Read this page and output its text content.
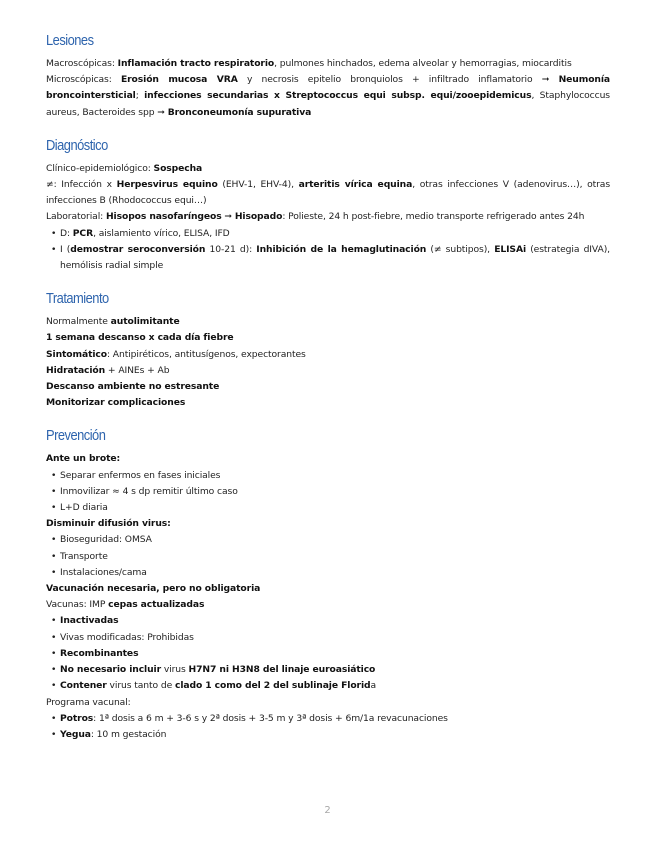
Lesiones

Macroscópicas: Inflamación tracto respiratorio, pulmones hinchados, edema alveolar y hemorragias, miocarditis

Microscópicas: Erosión mucosa VRA y necrosis epitelio bronquiolos + infiltrado inflamatorio ➞ Neumonía broncointersticial; infecciones secundarias x Streptococcus equi subsp. equi/zooepidemicus, Staphylococcus aureus, Bacteroides spp ➞ Bronconeumonía supurativa

Diagnóstico

Clínico-epidemiológico: Sospecha

≠: Infección x Herpesvirus equino (EHV-1, EHV-4), arteritis vírica equina, otras infecciones V (adenovirus…), otras infecciones B (Rhodococcus equi…)

Laboratorial: Hisopos nasofaríngeos ➞ Hisopado: Polieste, 24 h post-fiebre, medio transporte refrigerado antes 24h

• D: PCR, aislamiento vírico, ELISA, IFD
• I (demostrar seroconversión 10-21 d): Inhibición de la hemaglutinación (≠ subtipos), ELISAi (estrategia dIVA), hemólisis radial simple
Tratamiento

Normalmente autolimitante

1 semana descanso x cada día fiebre

Sintomático: Antipiréticos, antitusígenos, expectorantes

Hidratación + AINEs + Ab

Descanso ambiente no estresante

Monitorizar complicaciones

Prevención

Ante un brote:

• Separar enfermos en fases iniciales
• Inmovilizar ≈ 4 s dp remitir último caso
• L+D diaria

Disminuir difusión virus:

• Bioseguridad: OMSA
• Transporte
• Instalaciones/cama

Vacunación necesaria, pero no obligatoria

Vacunas: IMP cepas actualizadas

• Inactivadas
• Vivas modificadas: Prohibidas
• Recombinantes
• No necesario incluir virus H7N7 ni H3N8 del linaje euroasiático
• Contener virus tanto de clado 1 como del 2 del sublinaje Florida

Programa vacunal:

• Potros: 1ª dosis a 6 m + 3-6 s y 2ª dosis + 3-5 m y 3ª dosis + 6m/1a revacunaciones
• Yegua: 10 m gestación
2
